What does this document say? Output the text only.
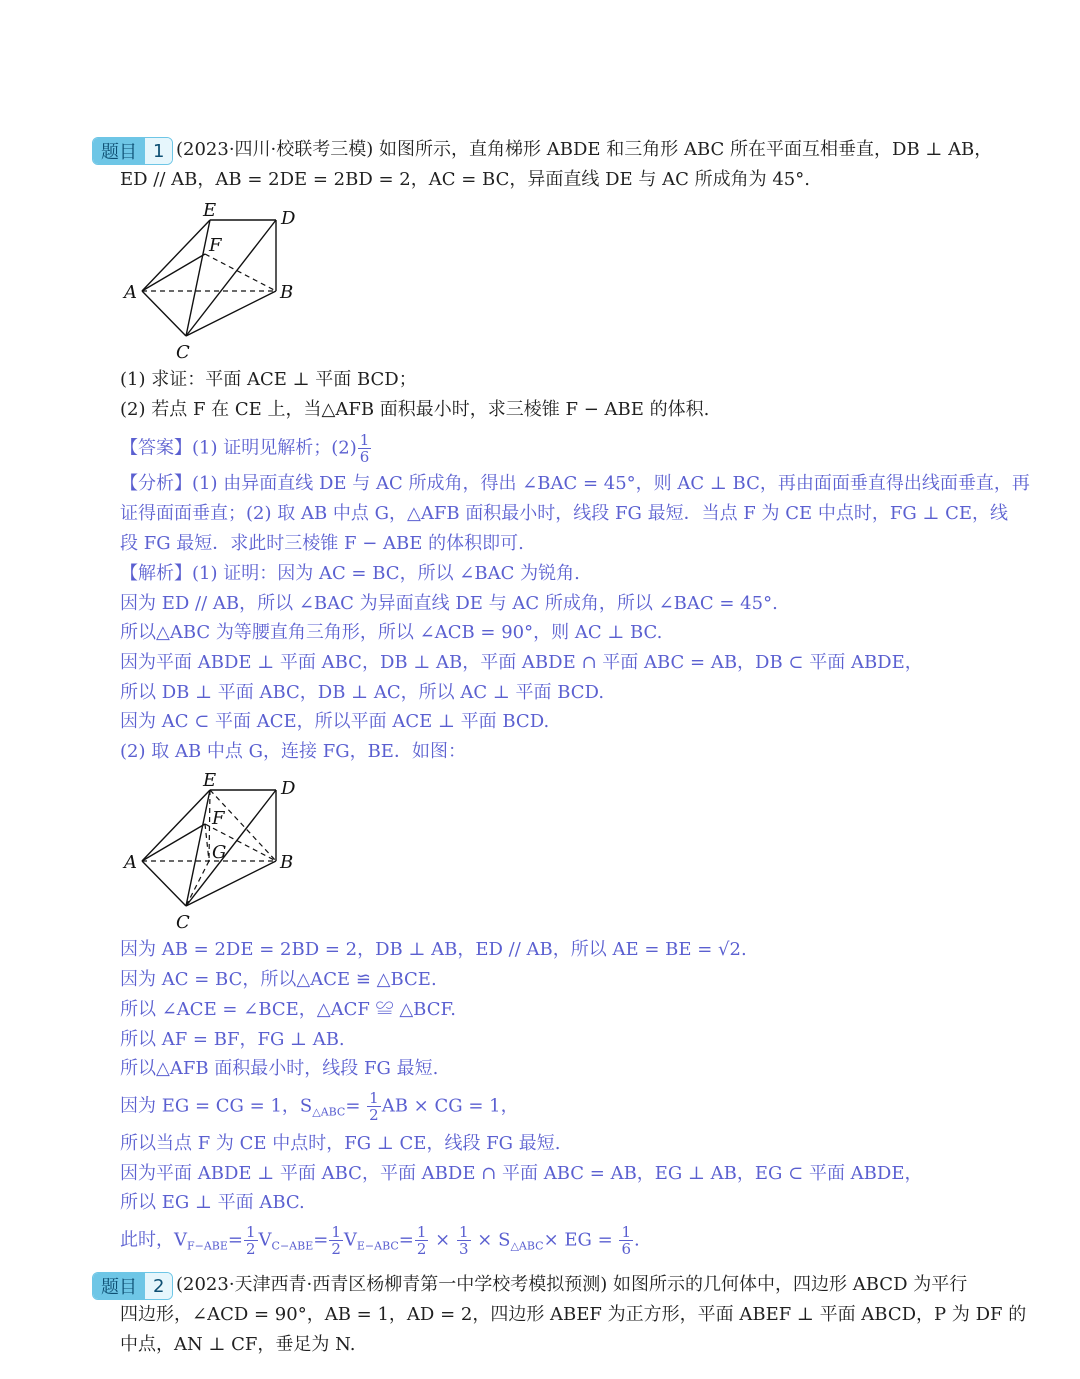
题目 1 (2023·四川·校联考三模) 如图所示，直角梯形 ABDE 和三角形 ABC 所在平面互相垂直，DB ⊥ AB，
ED // AB，AB = 2DE = 2BD = 2，AC = BC，异面直线 DE 与 AC 所成角为 45°.
E	D
F
A	B
C
(1) 求证：平面 ACE ⊥ 平面 BCD；
(2) 若点 F 在 CE 上，当△AFB 面积最小时，求三棱锥 F − ABE 的体积.
【答案】(1) 证明见解析；$(2) \frac{1}{6}$
【分析】(1) 由异面直线 DE 与 AC 所成角，得出 ∠BAC = 45°，则 AC ⊥ BC，再由面面垂直得出线面垂直，再
证得面面垂直；(2) 取 AB 中点 G，△AFB 面积最小时，线段 FG 最短．当点 F 为 CE 中点时，FG ⊥ CE，线
段 FG 最短．求此时三棱锥 F − ABE 的体积即可.
【解析】(1) 证明：因为 AC = BC，所以 ∠BAC 为锐角.
因为 ED // AB，所以 ∠BAC 为异面直线 DE 与 AC 所成角，所以 ∠BAC = 45°.
所以△ABC 为等腰直角三角形，所以 ∠ACB = 90°，则 AC ⊥ BC.
因为平面 ABDE ⊥ 平面 ABC，DB ⊥ AB，平面 ABDE ∩ 平面 ABC = AB，DB ⊂ 平面 ABDE，
所以 DB ⊥ 平面 ABC，DB ⊥ AC，所以 AC ⊥ 平面 BCD.
因为 AC ⊂ 平面 ACE，所以平面 ACE ⊥ 平面 BCD.
(2) 取 AB 中点 G，连接 FG，BE．如图：
E	D
F
G
A	B
C
因为 AB = 2DE = 2BD = 2，DB ⊥ AB，ED // AB，所以 AE = BE = √2.
因为 AC = BC，所以△ACE ≌ △BCE.
所以 ∠ACE = ∠BCE，△ACF ≌ △BCF.
所以 AF = BF，FG ⊥ AB.
所以△AFB 面积最小时，线段 FG 最短.
因为 EG = CG = 1，$S_{\triangle ABC}= \frac{1}{2}$ AB × CG = 1，
所以当点 F 为 CE 中点时，FG ⊥ CE，线段 FG 最短.
因为平面 ABDE ⊥ 平面 ABC，平面 ABDE ∩ 平面 ABC = AB，EG ⊥ AB，EG ⊂ 平面 ABDE，
所以 EG ⊥ 平面 ABC.
此时，$V_{F-ABE}= \frac{1}{2} V_{C-ABE}= \frac{1}{2} V_{E-ABC}= \frac{1}{2} \times \frac{1}{3} \times S_{\triangle ABC}\times$ EG = $\frac{1}{6}$ .
题目 2 (2023·天津西青·西青区杨柳青第一中学校考模拟预测) 如图所示的几何体中，四边形 ABCD 为平行
四边形，∠ACD = 90°，AB = 1，AD = 2，四边形 ABEF 为正方形，平面 ABEF ⊥ 平面 ABCD，P 为 DF 的
中点，AN ⊥ CF，垂足为 N.
